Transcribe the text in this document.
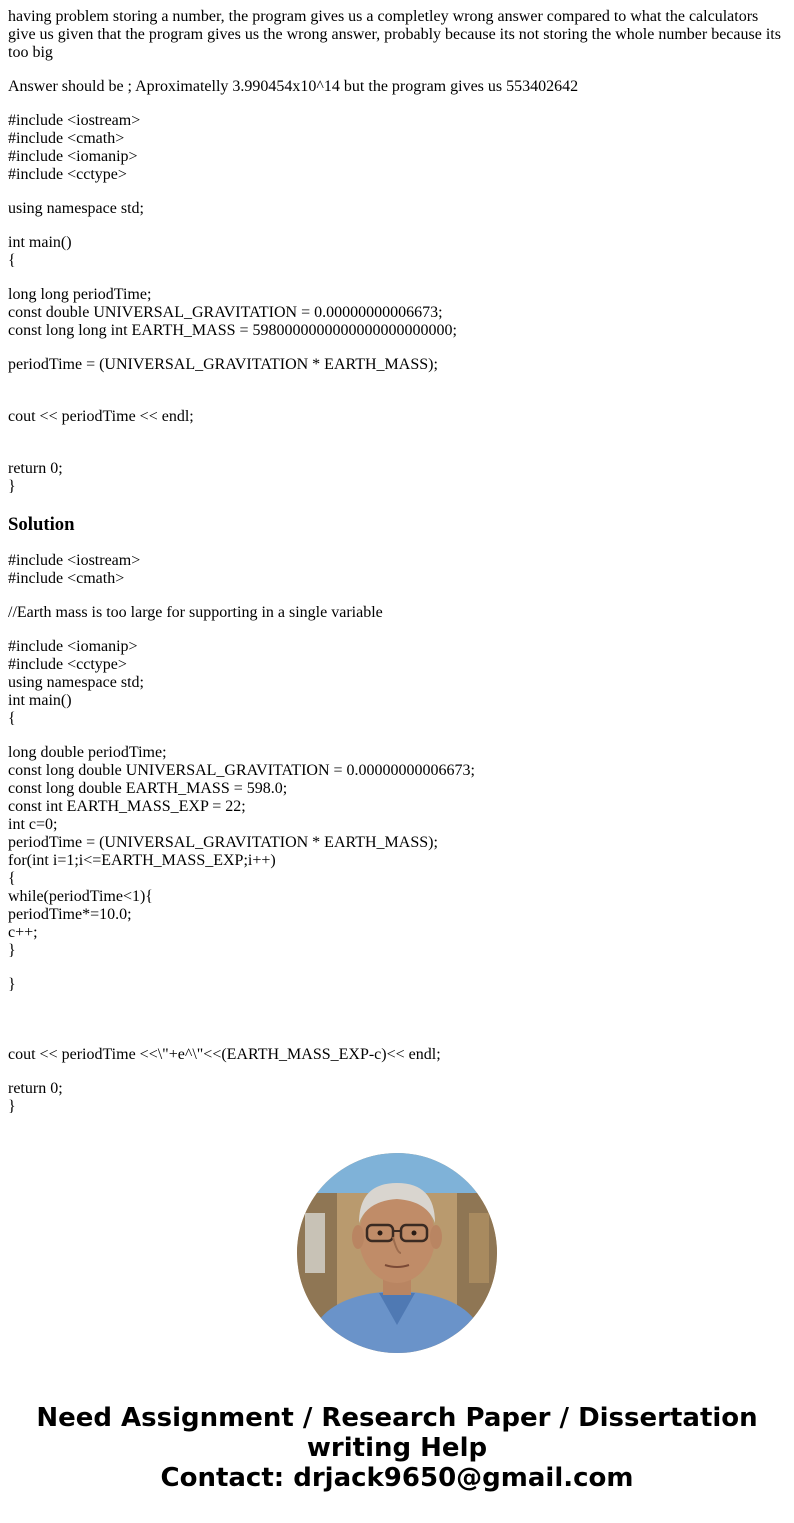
having problem storing a number, the program gives us a completley wrong answer compared to what the calculators give us given that the program gives us the wrong answer, probably because its not storing the whole number because its too big

Answer should be ; Aproximatelly 3.990454x10^14 but the program gives us 553402642

#include <iostream>
#include <cmath>
#include <iomanip>
#include <cctype>

using namespace std;

int main()
{

long long periodTime;
const double UNIVERSAL_GRAVITATION = 0.00000000006673;
const long long int EARTH_MASS = 5980000000000000000000000;

periodTime = (UNIVERSAL_GRAVITATION * EARTH_MASS);

cout << periodTime << endl;

return 0;
}

Solution

#include <iostream>
#include <cmath>

//Earth mass is too large for supporting in a single variable

#include <iomanip>
#include <cctype>
using namespace std;
int main()
{

long double periodTime;
const long double UNIVERSAL_GRAVITATION = 0.00000000006673;
const long double EARTH_MASS = 598.0;
const int EARTH_MASS_EXP = 22;
int c=0;
periodTime = (UNIVERSAL_GRAVITATION * EARTH_MASS);
for(int i=1;i<=EARTH_MASS_EXP;i++)
{
while(periodTime<1){
periodTime*=10.0;
c++;
}

}

cout << periodTime <<\"+e^\"<<(EARTH_MASS_EXP-c)<< endl;

return 0;
}

Need Assignment / Research Paper / Dissertation
writing Help
Contact: drjack9650@gmail.com
